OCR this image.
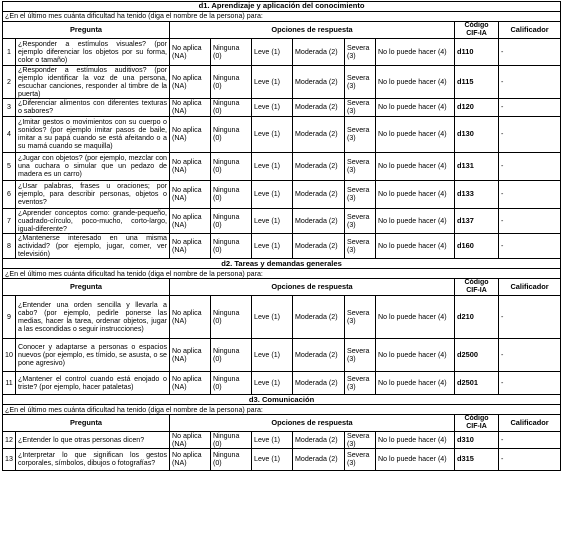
d1. Aprendizaje y aplicación del conocimiento									
¿En el último mes cuánta dificultad ha tenido (diga el nombre de la persona) para:									
Pregunta		Opciones de respuesta						Código CIF-IA	Calificador
1	¿Responder a estímulos visuales? (por ejemplo diferenciar los objetos por su forma, color o tamaño)	No aplica (NA)	Ninguna (0)	Leve (1)	Moderada (2)	Severa (3)	No lo puede hacer (4)	d110	-
2	¿Responder a estímulos auditivos? (por ejemplo identificar la voz de una persona, escuchar canciones, responder al timbre de la puerta)	No aplica (NA)	Ninguna (0)	Leve (1)	Moderada (2)	Severa (3)	No lo puede hacer (4)	d115	-
3	¿Diferenciar alimentos con diferentes texturas o sabores?	No aplica (NA)	Ninguna (0)	Leve (1)	Moderada (2)	Severa (3)	No lo puede hacer (4)	d120	-
4	¿Imitar gestos o movimientos con su cuerpo o sonidos? (por ejemplo imitar pasos de baile, imitar a su papá cuando se está afeitando o a su mamá cuando se maquilla)	No aplica (NA)	Ninguna (0)	Leve (1)	Moderada (2)	Severa (3)	No lo puede hacer (4)	d130	-
5	¿Jugar con objetos? (por ejemplo, mezclar con una cuchara o simular que un pedazo de madera es un carro)	No aplica (NA)	Ninguna (0)	Leve (1)	Moderada (2)	Severa (3)	No lo puede hacer (4)	d131	-
6	¿Usar palabras, frases u oraciones; por ejemplo, para describir personas, objetos o eventos?	No aplica (NA)	Ninguna (0)	Leve (1)	Moderada (2)	Severa (3)	No lo puede hacer (4)	d133	-
7	¿Aprender conceptos como: grande-pequeño, cuadrado-círculo, poco-mucho, corto-largo, igual-diferente?	No aplica (NA)	Ninguna (0)	Leve (1)	Moderada (2)	Severa (3)	No lo puede hacer (4)	d137	-
8	¿Mantenerse interesado en una misma actividad? (por ejemplo, jugar, comer, ver televisión)	No aplica (NA)	Ninguna (0)	Leve (1)	Moderada (2)	Severa (3)	No lo puede hacer (4)	d160	-
d2. Tareas y demandas generales									
¿En el último mes cuánta dificultad ha tenido (diga el nombre de la persona) para:									
Pregunta		Opciones de respuesta						Código CIF-IA	Calificador
9	¿Entender una orden sencilla y llevarla a cabo? (por ejemplo, pedirle ponerse las medias, hacer la tarea, ordenar objetos, jugar a las escondidas o seguir instrucciones)	No aplica (NA)	Ninguna (0)	Leve (1)	Moderada (2)	Severa (3)	No lo puede hacer (4)	d210	-
10	Conocer y adaptarse a personas o espacios nuevos (por ejemplo, es tímido, se asusta, o se pone agresivo)	No aplica (NA)	Ninguna (0)	Leve (1)	Moderada (2)	Severa (3)	No lo puede hacer (4)	d2500	-
11	¿Mantener el control cuando está enojado o triste? (por ejemplo, hacer pataletas)	No aplica (NA)	Ninguna (0)	Leve (1)	Moderada (2)	Severa (3)	No lo puede hacer (4)	d2501	-
d3. Comunicación									
¿En el último mes cuánta dificultad ha tenido (diga el nombre de la persona) para:									
Pregunta		Opciones de respuesta						Código CIF-IA	Calificador
12	¿Entender lo que otras personas dicen?	No aplica (NA)	Ninguna (0)	Leve (1)	Moderada (2)	Severa (3)	No lo puede hacer (4)	d310	-
13	¿Interpretar lo que significan los gestos corporales, símbolos, dibujos o fotografías?	No aplica (NA)	Ninguna (0)	Leve (1)	Moderada (2)	Severa (3)	No lo puede hacer (4)	d315	-
